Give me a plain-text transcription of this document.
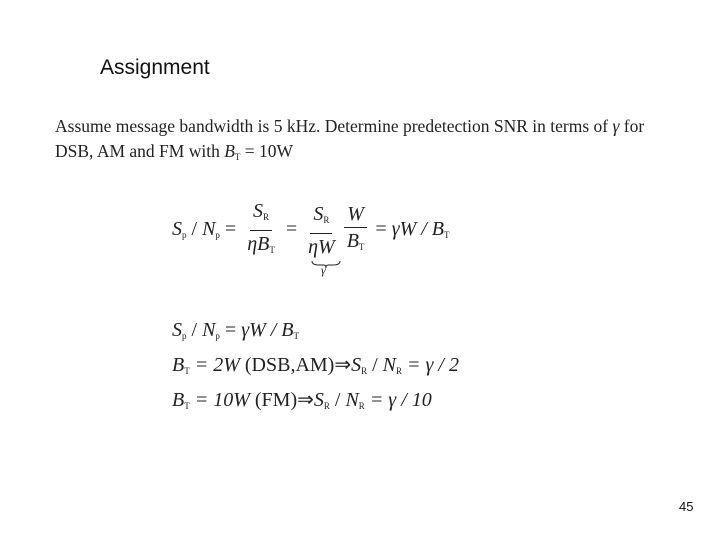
Assignment
Assume message bandwidth is 5 kHz. Determine predetection SNR in terms of γ for
DSB, AM and FM with $B_T = 10W$
$S_p / N_p = \frac{S_R}{\eta B_T} = \frac{S_R}{\eta W} \frac{W}{B_T} = \gamma W / B_T$
γ
$S_p / N_p = \gamma W / B_T$
$B_T = 2W$ $(DSB,AM)\Rightarrow S_R / N_R = \gamma / 2$
$B_T = 10W$ $(FM)\Rightarrow S_R / N_R = \gamma / 10$
45
